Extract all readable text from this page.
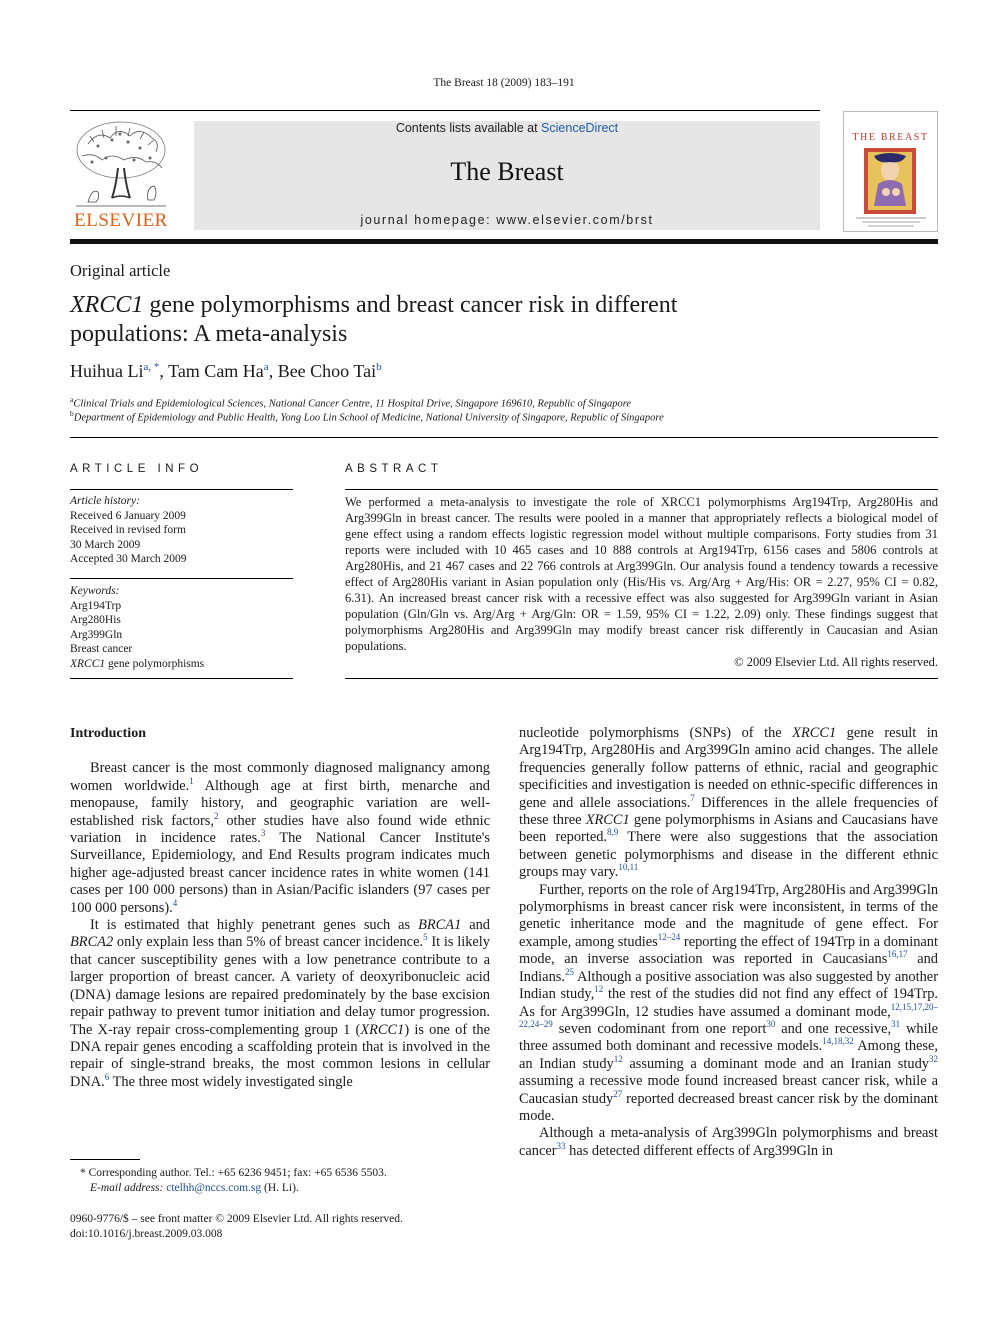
The Breast 18 (2009) 183–191
ELSEVIER
Contents lists available at ScienceDirect
The Breast
journal homepage: www.elsevier.com/brst
THE BREAST
Original article
XRCC1 gene polymorphisms and breast cancer risk in different
populations: A meta-analysis
Huihua $Li^{a, *}$, Tam Cam Ha$^a$, Bee Choo Tai$^b$
$^a$Clinical Trials and Epidemiological Sciences, National Cancer Centre, 11 Hospital Drive, Singapore 169610, Republic of Singapore
$^b$Department of Epidemiology and Public Health, Yong Loo Lin School of Medicine, National University of Singapore, Republic of Singapore
ARTICLE INFO
Article history:
Received 6 January 2009
Received in revised form
30 March 2009
Accepted 30 March 2009
Keywords:
Arg194Trp
Arg280His
Arg399Gln
Breast cancer
XRCC1 gene polymorphisms
ABSTRACT
We performed a meta-analysis to investigate the role of XRCC1 polymorphisms Arg194Trp, Arg280His and Arg399Gln in breast cancer. The results were pooled in a manner that appropriately reflects a biological model of gene effect using a random effects logistic regression model without multiple comparisons. Forty studies from 31 reports were included with 10 465 cases and 10 888 controls at Arg194Trp, 6156 cases and 5806 controls at Arg280His, and 21 467 cases and 22 766 controls at Arg399Gln. Our analysis found a tendency towards a recessive effect of Arg280His variant in Asian population only (His/His vs. Arg/Arg + Arg/His: OR = 2.27, 95% CI = 0.82, 6.31). An increased breast cancer risk with a recessive effect was also suggested for Arg399Gln variant in Asian population (Gln/Gln vs. Arg/Arg + Arg/Gln: OR = 1.59, 95% CI = 1.22, 2.09) only. These findings suggest that polymorphisms Arg280His and Arg399Gln may modify breast cancer risk differently in Caucasian and Asian populations.
© 2009 Elsevier Ltd. All rights reserved.
Introduction

Breast cancer is the most commonly diagnosed malignancy among women worldwide.$^1$ Although age at first birth, menarche and menopause, family history, and geographic variation are well-established risk factors,$^2$ other studies have also found wide ethnic variation in incidence rates.$^3$ The National Cancer Institute's Surveillance, Epidemiology, and End Results program indicates much higher age-adjusted breast cancer incidence rates in white women (141 cases per 100 000 persons) than in Asian/Pacific islanders (97 cases per 100 000 persons).$^4$

It is estimated that highly penetrant genes such as BRCA1 and BRCA2 only explain less than 5% of breast cancer incidence.$^5$ It is likely that cancer susceptibility genes with a low penetrance contribute to a larger proportion of breast cancer. A variety of deoxyribonucleic acid (DNA) damage lesions are repaired predominately by the base excision repair pathway to prevent tumor initiation and delay tumor progression. The X-ray repair cross-complementing group 1 (XRCC1) is one of the DNA repair genes encoding a scaffolding protein that is involved in the repair of single-strand breaks, the most common lesions in cellular DNA.$^6$ The three most widely investigated single

nucleotide polymorphisms (SNPs) of the XRCC1 gene result in Arg194Trp, Arg280His and Arg399Gln amino acid changes. The allele frequencies generally follow patterns of ethnic, racial and geographic specificities and investigation is needed on ethnic-specific differences in gene and allele associations.$^7$ Differences in the allele frequencies of these three XRCC1 gene polymorphisms in Asians and Caucasians have been reported.$^{8,9}$ There were also suggestions that the association between genetic polymorphisms and disease in the different ethnic groups may vary.$^{10,11}$

Further, reports on the role of Arg194Trp, Arg280His and Arg399Gln polymorphisms in breast cancer risk were inconsistent, in terms of the genetic inheritance mode and the magnitude of gene effect. For example, among studies$^{12-24}$ reporting the effect of 194Trp in a dominant mode, an inverse association was reported in Caucasians$^{16,17}$ and Indians.$^{25}$ Although a positive association was also suggested by another Indian study,$^{12}$ the rest of the studies did not find any effect of 194Trp. As for Arg399Gln, 12 studies have assumed a dominant mode,$^{12,15,17,20-22,24-29}$ seven codominant from one report$^{30}$ and one recessive,$^{31}$ while three assumed both dominant and recessive models.$^{14,18,32}$ Among these, an Indian study$^{12}$ assuming a dominant mode and an Iranian study$^{32}$ assuming a recessive mode found increased breast cancer risk, while a Caucasian study$^{27}$ reported decreased breast cancer risk by the dominant mode.

Although a meta-analysis of Arg399Gln polymorphisms and breast cancer$^{33}$ has detected different effects of Arg399Gln in

* Corresponding author. Tel.: +65 6236 9451; fax: +65 6536 5503.
E-mail address: ctelhh@nccs.com.sg (H. Li).
0960-9776/$ – see front matter © 2009 Elsevier Ltd. All rights reserved.
doi:10.1016/j.breast.2009.03.008
